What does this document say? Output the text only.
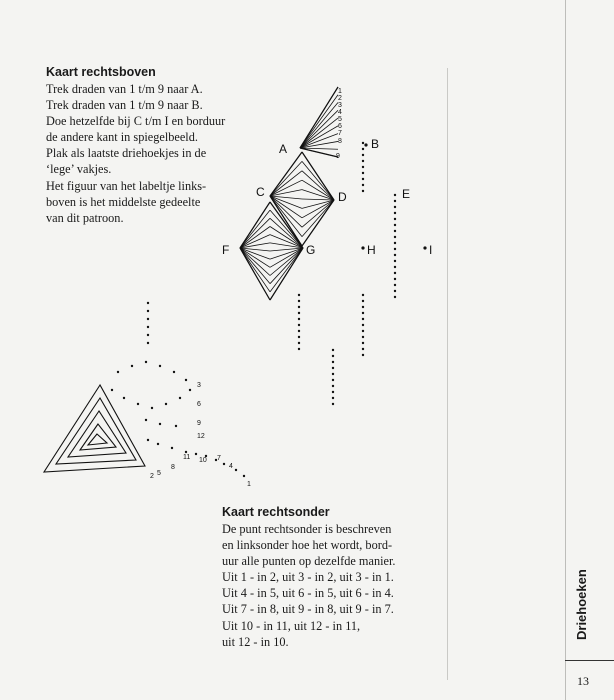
Kaart rechtsboven
Trek draden van 1 t/m 9 naar A.
Trek draden van 1 t/m 9 naar B.
Doe hetzelfde bij C t/m I en borduur
de andere kant in spiegelbeeld.
Plak als laatste driehoekjes in de
‘lege’ vakjes.
Het figuur van het labeltje links-
boven is het middelste gedeelte
van dit patroon.
Kaart rechtsonder
De punt rechtsonder is beschreven
en linksonder hoe het wordt, bord-
uur alle punten op dezelfde manier.
Uit 1 - in 2, uit 3 - in 2, uit 3 - in 1.
Uit 4 - in 5, uit 6 - in 5, uit 6 - in 4.
Uit 7 - in 8, uit 9 - in 8, uit 9 - in 7.
Uit 10 - in 11, uit 12 - in 11,
uit 12 - in 10.
Driehoeken
13
1
2
3
4
5
6
7
8
9
A	B
C	D	E
F	G	H	I
1
2
3
4
5
6
7
8
9
10
11
12
